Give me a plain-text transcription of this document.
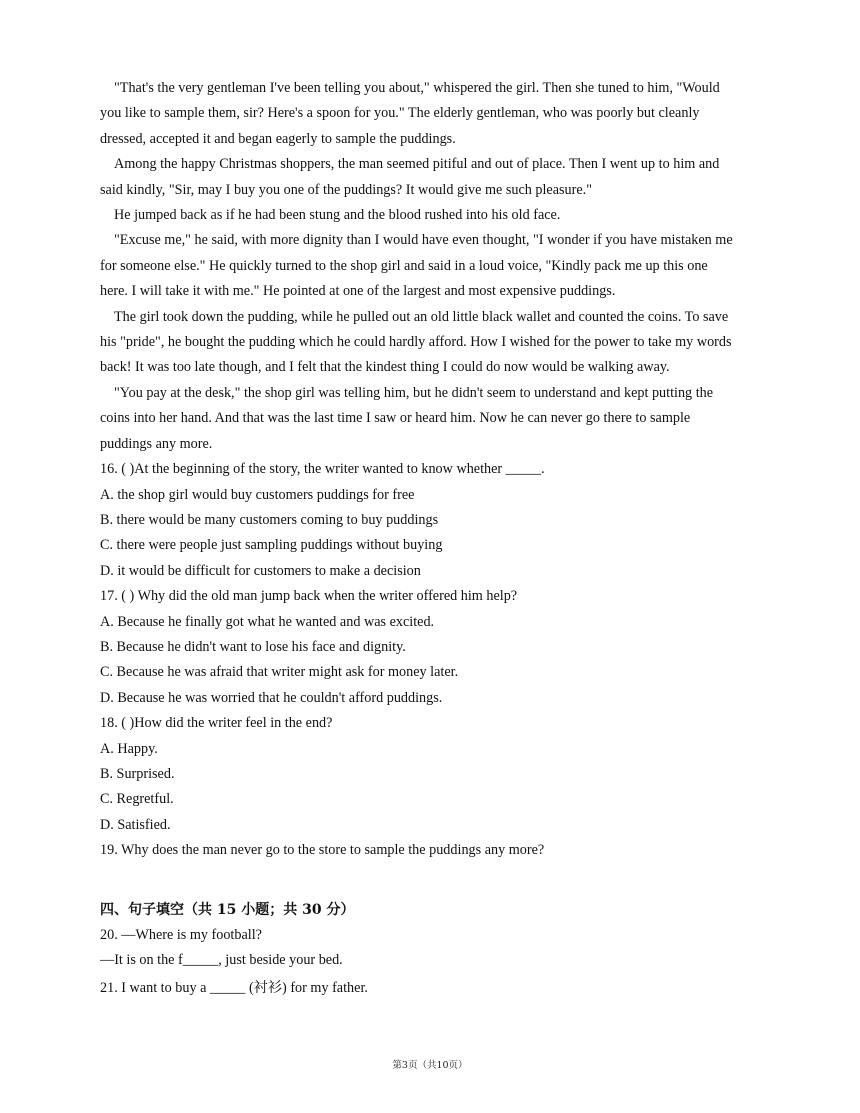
"That's the very gentleman I've been telling you about," whispered the girl. Then she tuned to him, "Would
you like to sample them, sir? Here's a spoon for you." The elderly gentleman, who was poorly but cleanly
dressed, accepted it and began eagerly to sample the puddings.
Among the happy Christmas shoppers, the man seemed pitiful and out of place. Then I went up to him and
said kindly, "Sir, may I buy you one of the puddings? It would give me such pleasure."
He jumped back as if he had been stung and the blood rushed into his old face.
"Excuse me," he said, with more dignity than I would have even thought, "I wonder if you have mistaken me
for someone else." He quickly turned to the shop girl and said in a loud voice, "Kindly pack me up this one
here. I will take it with me." He pointed at one of the largest and most expensive puddings.
The girl took down the pudding, while he pulled out an old little black wallet and counted the coins. To save
his "pride", he bought the pudding which he could hardly afford. How I wished for the power to take my words
back! It was too late though, and I felt that the kindest thing I could do now would be walking away.
"You pay at the desk," the shop girl was telling him, but he didn't seem to understand and kept putting the
coins into her hand. And that was the last time I saw or heard him. Now he can never go there to sample
puddings any more.
16. ( )At the beginning of the story, the writer wanted to know whether _____.
A. the shop girl would buy customers puddings for free
B. there would be many customers coming to buy puddings
C. there were people just sampling puddings without buying
D. it would be difficult for customers to make a decision
17. ( ) Why did the old man jump back when the writer offered him help?
A. Because he finally got what he wanted and was excited.
B. Because he didn't want to lose his face and dignity.
C. Because he was afraid that writer might ask for money later.
D. Because he was worried that he couldn't afford puddings.
18. ( )How did the writer feel in the end?
A. Happy.
B. Surprised.
C. Regretful.
D. Satisfied.
19. Why does the man never go to the store to sample the puddings any more?
四、句子填空（共 15 小题；共 30 分）
20. —Where is my football?
—It is on the f_____, just beside your bed.
21. I want to buy a _____ (衬衫) for my father.
第3页（共10页）
